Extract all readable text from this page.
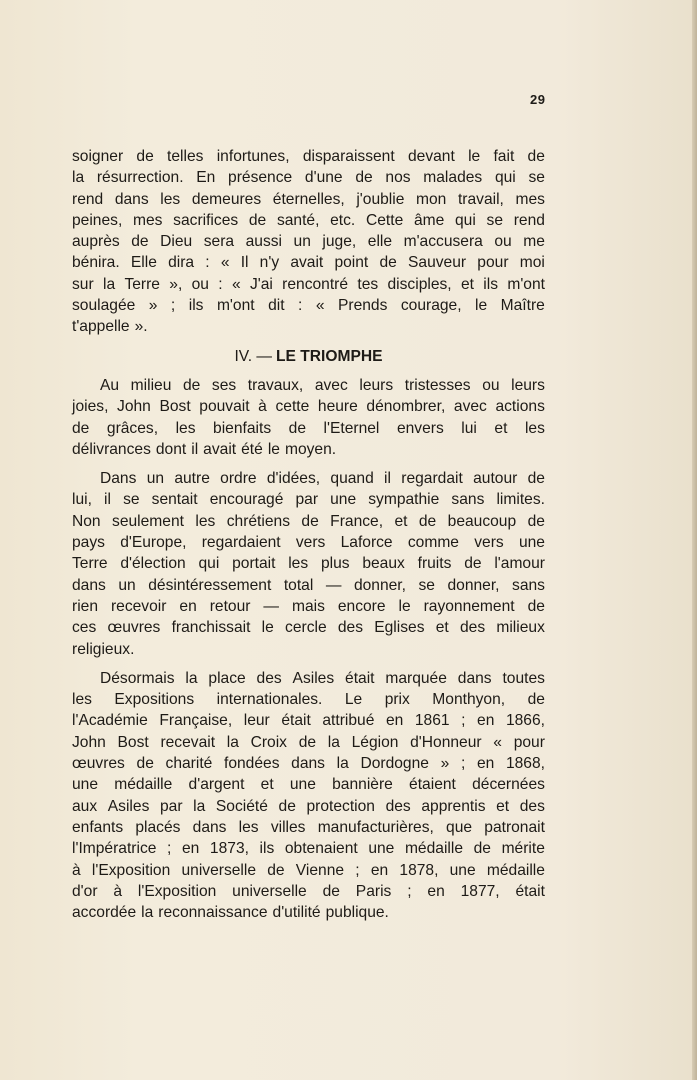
29
soigner de telles infortunes, disparaissent devant le fait de
la résurrection. En présence d'une de nos malades qui se
rend dans les demeures éternelles, j'oublie mon travail, mes
peines, mes sacrifices de santé, etc. Cette âme qui se rend
auprès de Dieu sera aussi un juge, elle m'accusera ou me
bénira. Elle dira : « Il n'y avait point de Sauveur pour moi
sur la Terre », ou : « J'ai rencontré tes disciples, et ils m'ont
soulagée » ; ils m'ont dit : « Prends courage, le Maître
t'appelle ».
IV. — LE TRIOMPHE
Au milieu de ses travaux, avec leurs tristesses ou leurs
joies, John Bost pouvait à cette heure dénombrer, avec actions
de grâces, les bienfaits de l'Eternel envers lui et les
délivrances dont il avait été le moyen.
Dans un autre ordre d'idées, quand il regardait autour de
lui, il se sentait encouragé par une sympathie sans limites.
Non seulement les chrétiens de France, et de beaucoup de
pays d'Europe, regardaient vers Laforce comme vers une
Terre d'élection qui portait les plus beaux fruits de l'amour
dans un désintéressement total — donner, se donner, sans
rien recevoir en retour — mais encore le rayonnement de
ces œuvres franchissait le cercle des Eglises et des milieux
religieux.
Désormais la place des Asiles était marquée dans toutes
les Expositions internationales. Le prix Monthyon, de
l'Académie Française, leur était attribué en 1861 ; en 1866,
John Bost recevait la Croix de la Légion d'Honneur « pour
œuvres de charité fondées dans la Dordogne » ; en 1868,
une médaille d'argent et une bannière étaient décernées
aux Asiles par la Société de protection des apprentis et des
enfants placés dans les villes manufacturières, que patronait
l'Impératrice ; en 1873, ils obtenaient une médaille de mérite
à l'Exposition universelle de Vienne ; en 1878, une médaille
d'or à l'Exposition universelle de Paris ; en 1877, était
accordée la reconnaissance d'utilité publique.
